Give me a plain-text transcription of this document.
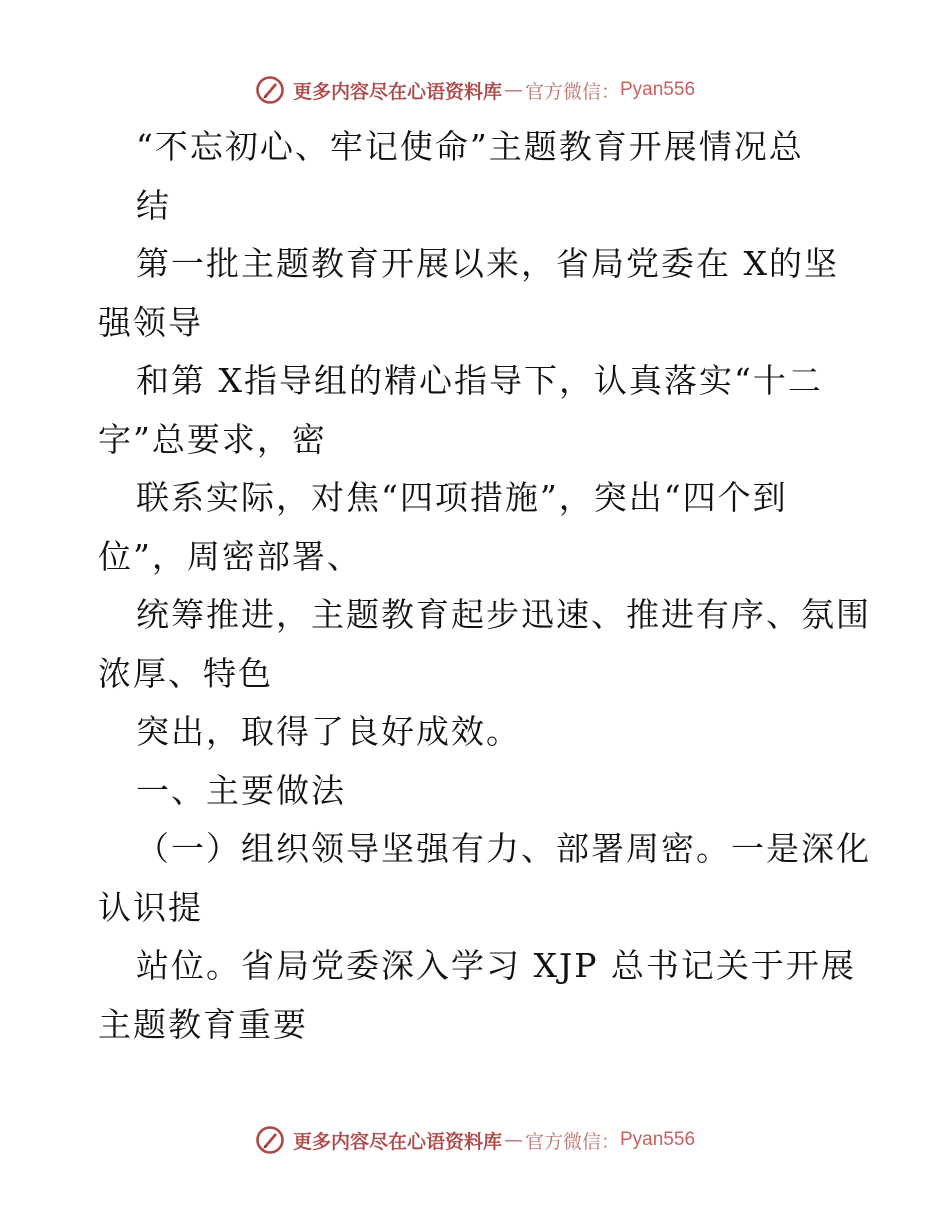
更多内容尽在心语资料库 — 官方微信： Pyan556
“不忘初心、牢记使命”主题教育开展情况总
结
第一批主题教育开展以来，省局党委在 X的坚
强领导
和第 X指导组的精心指导下，认真落实“十二
字”总要求，密
联系实际，对焦“四项措施”，突出“四个到
位”，周密部署、
统筹推进，主题教育起步迅速、推进有序、氛围
浓厚、特色
突出，取得了良好成效。
一、主要做法
（一）组织领导坚强有力、部署周密。一是深化
认识提
站位。省局党委深入学习 XJP 总书记关于开展
主题教育重要
更多内容尽在心语资料库 — 官方微信： Pyan556
